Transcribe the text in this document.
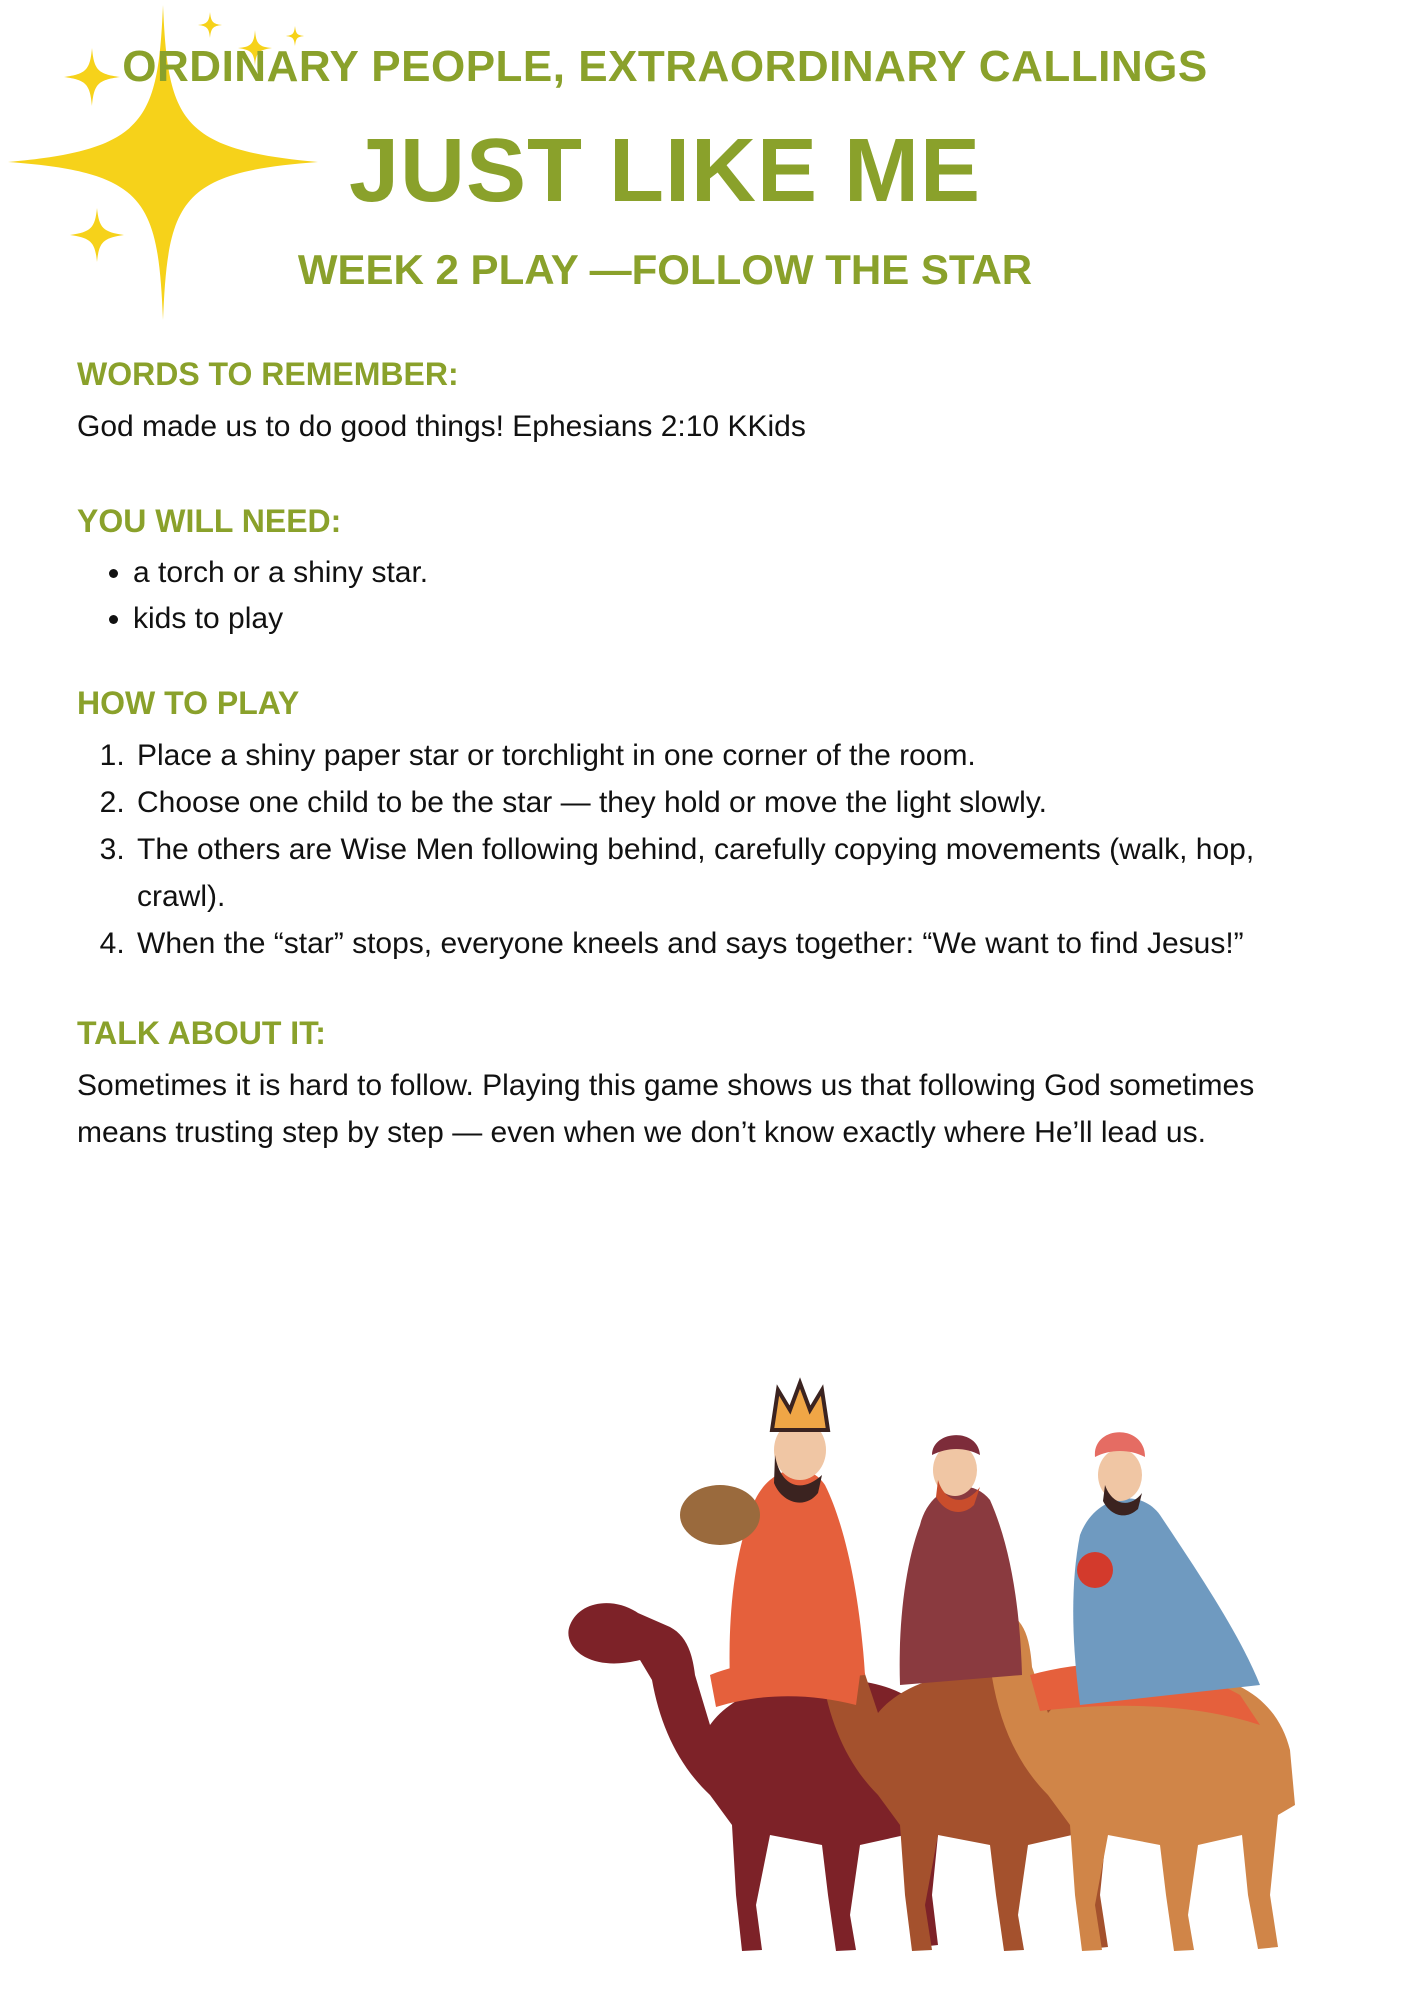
ORDINARY PEOPLE, EXTRAORDINARY CALLINGS
JUST LIKE ME
WEEK 2 PLAY —FOLLOW THE STAR
WORDS TO REMEMBER:

God made us to do good things! Ephesians 2:10 KKids

YOU WILL NEED:
• a torch or a shiny star.
• kids to play
HOW TO PLAY
1. Place a shiny paper star or torchlight in one corner of the room.
2. Choose one child to be the star — they hold or move the light slowly.
3. The others are Wise Men following behind, carefully copying movements (walk, hop, crawl).
4. When the “star” stops, everyone kneels and says together: “We want to find Jesus!”
TALK ABOUT IT:

Sometimes it is hard to follow. Playing this game shows us that following God sometimes means trusting step by step — even when we don’t know exactly where He’ll lead us.
